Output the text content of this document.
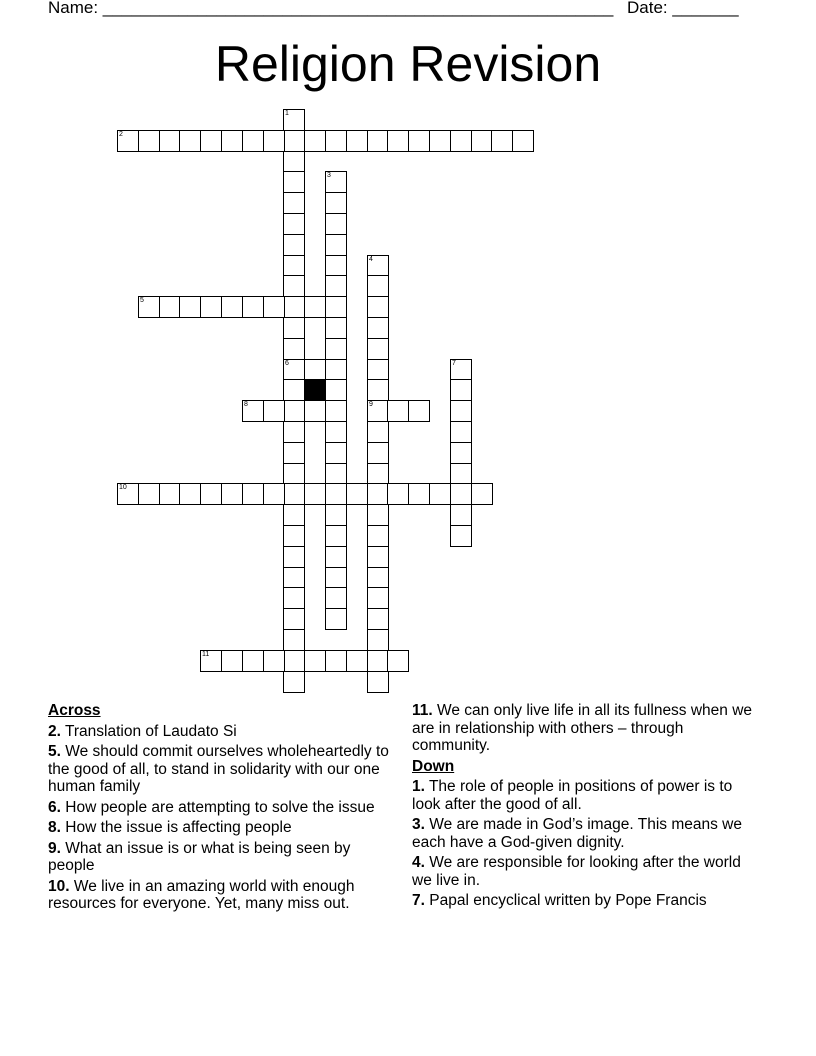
Name: ______________________________________________________ Date: _______
Religion Revision
1
6
2
3
4
9
5
7
8
10
11
Across
2. Translation of Laudato Si
5. We should commit ourselves wholeheartedly to the good of all, to stand in solidarity with our one human family
6. How people are attempting to solve the issue
8. How the issue is affecting people
9. What an issue is or what is being seen by people
10. We live in an amazing world with enough resources for everyone. Yet, many miss out.
11. We can only live life in all its fullness when we are in relationship with others – through community.
Down
1. The role of people in positions of power is to look after the good of all.
3. We are made in God’s image. This means we each have a God-given dignity.
4. We are responsible for looking after the world we live in.
7. Papal encyclical written by Pope Francis
